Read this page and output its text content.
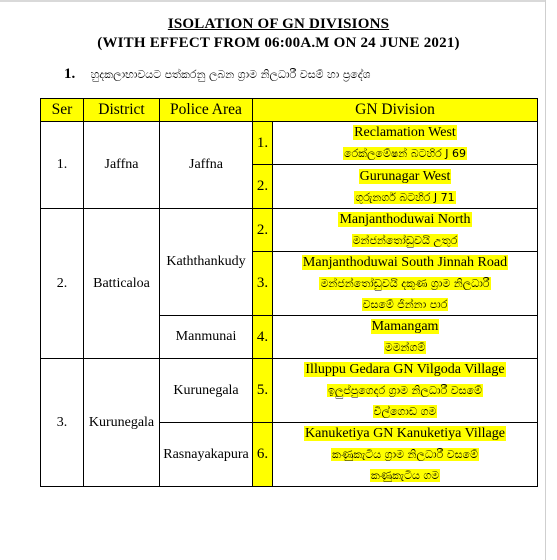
ISOLATION OF GN DIVISIONS
(WITH EFFECT FROM 06:00A.M ON 24 JUNE 2021)
1. හුදකලාභාවයට පත්කරනු ලබන ග්‍රාම නිලධාරී වසම් හා ප්‍රදේශ
Ser	District	Police Area	GN Division	
1.	Jaffna	Jaffna	1.	Reclamation West
රෙක්ලමේෂන් බටහිර J 69
			2.	Gurunagar West
ගුරුනගර් බටහිර J 71
2.	Batticaloa	Kaththankudy	2.	Manjanthoduwai North
මන්ජන්තෝඩුවයි උතුර
			3.	Manjanthoduwai South Jinnah Road
මන්ජන්තෝඩුවයි දකුණ ග්‍රාම නිලධාරී
වසමේ ජින්නා පාර
		Manmunai	4.	Mamangam
මමන්ගම්
3.	Kurunegala	Kurunegala	5.	Illuppu Gedara GN Vilgoda Village
ඉලුප්පුගෙදර ග්‍රාම නිලධාරී වසමේ
විල්ගොඩ ගම
		Rasnayakapura	6.	Kanuketiya GN Kanuketiya Village
කණුකැටිය ග්‍රාම නිලධාරී වසමේ
කණුකැටිය ගම
